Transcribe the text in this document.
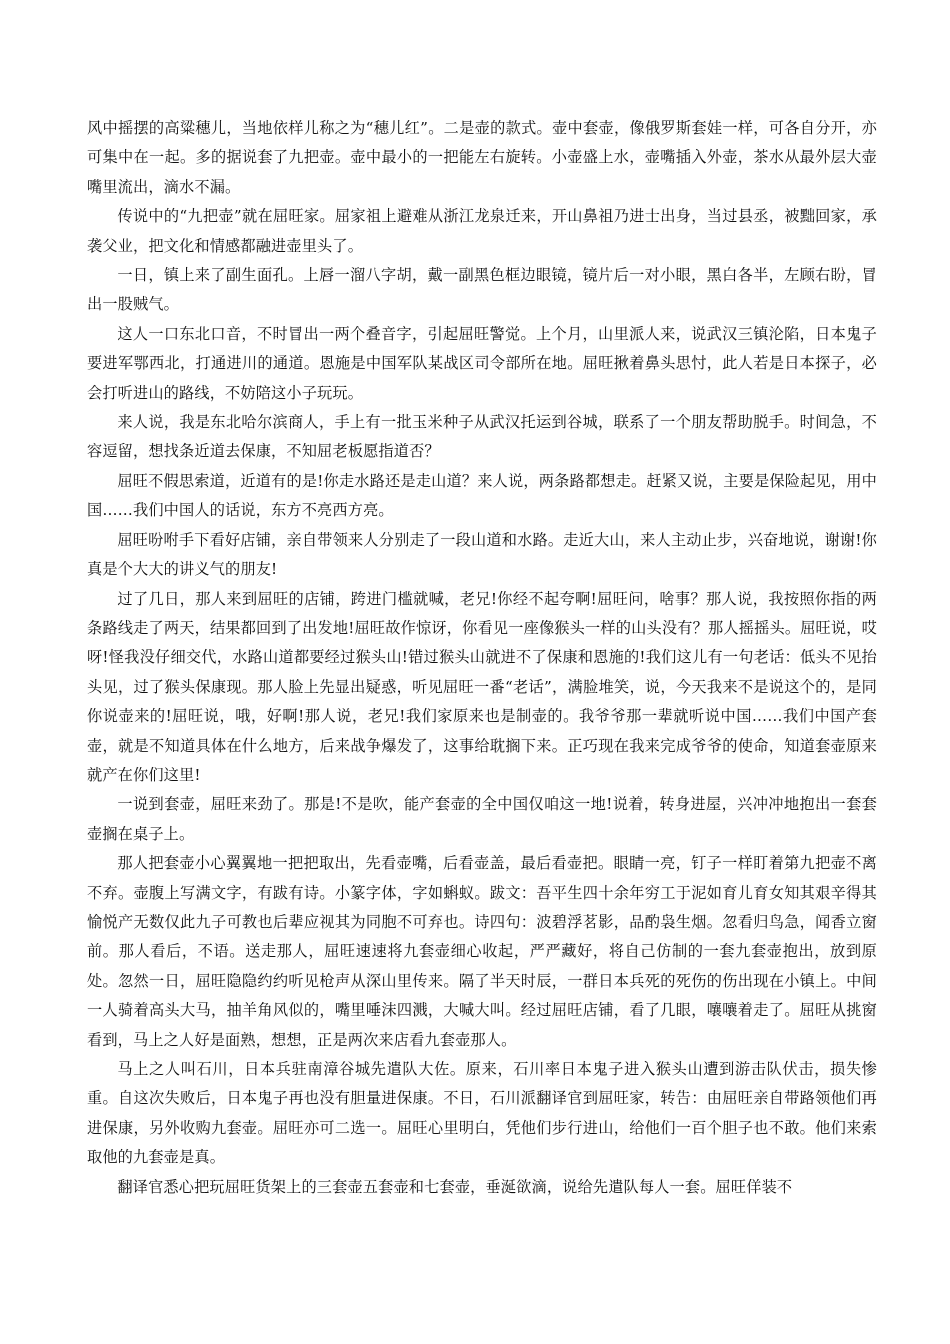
风中摇摆的高粱穗儿，当地依样儿称之为“穗儿红”。二是壶的款式。壶中套壶，像俄罗斯套娃一样，可各自分开，亦可集中在一起。多的据说套了九把壶。壶中最小的一把能左右旋转。小壶盛上水，壶嘴插入外壶，茶水从最外层大壶嘴里流出，滴水不漏。

传说中的“九把壶”就在屈旺家。屈家祖上避难从浙江龙泉迁来，开山鼻祖乃进士出身，当过县丞，被黜回家，承袭父业，把文化和情感都融进壶里头了。

一日，镇上来了副生面孔。上唇一溜八字胡，戴一副黑色框边眼镜，镜片后一对小眼，黑白各半，左顾右盼，冒出一股贼气。

这人一口东北口音，不时冒出一两个叠音字，引起屈旺警觉。上个月，山里派人来，说武汉三镇沦陷，日本鬼子要进军鄂西北，打通进川的通道。恩施是中国军队某战区司令部所在地。屈旺揪着鼻头思忖，此人若是日本探子，必会打听进山的路线，不妨陪这小子玩玩。

来人说，我是东北哈尔滨商人，手上有一批玉米种子从武汉托运到谷城，联系了一个朋友帮助脱手。时间急，不容逗留，想找条近道去保康，不知屈老板愿指道否？

屈旺不假思索道，近道有的是!你走水路还是走山道？来人说，两条路都想走。赶紧又说，主要是保险起见，用中国……我们中国人的话说，东方不亮西方亮。

屈旺吩咐手下看好店铺，亲自带领来人分别走了一段山道和水路。走近大山，来人主动止步，兴奋地说，谢谢!你真是个大大的讲义气的朋友!

过了几日，那人来到屈旺的店铺，跨进门槛就喊，老兄!你经不起夸啊!屈旺问，啥事？那人说，我按照你指的两条路线走了两天，结果都回到了出发地!屈旺故作惊讶，你看见一座像猴头一样的山头没有？那人摇摇头。屈旺说，哎呀!怪我没仔细交代，水路山道都要经过猴头山!错过猴头山就进不了保康和恩施的!我们这儿有一句老话：低头不见抬头见，过了猴头保康现。那人脸上先显出疑惑，听见屈旺一番“老话”，满脸堆笑，说，今天我来不是说这个的，是同你说壶来的!屈旺说，哦，好啊!那人说，老兄!我们家原来也是制壶的。我爷爷那一辈就听说中国……我们中国产套壶，就是不知道具体在什么地方，后来战争爆发了，这事给耽搁下来。正巧现在我来完成爷爷的使命，知道套壶原来就产在你们这里!

一说到套壶，屈旺来劲了。那是!不是吹，能产套壶的全中国仅咱这一地!说着，转身进屋，兴冲冲地抱出一套套壶搁在桌子上。

那人把套壶小心翼翼地一把把取出，先看壶嘴，后看壶盖，最后看壶把。眼睛一亮，钉子一样盯着第九把壶不离不弃。壶腹上写满文字，有跋有诗。小篆字体，字如蝌蚁。跋文：吾平生四十余年穷工于泥如育儿育女知其艰辛得其愉悦产无数仅此九子可教也后辈应视其为同胞不可弃也。诗四句：波碧浮茗影，品酌袅生烟。忽看归鸟急，闻香立窗前。那人看后，不语。送走那人，屈旺速速将九套壶细心收起，严严藏好，将自己仿制的一套九套壶抱出，放到原处。忽然一日，屈旺隐隐约约听见枪声从深山里传来。隔了半天时辰，一群日本兵死的死伤的伤出现在小镇上。中间一人骑着高头大马，抽羊角风似的，嘴里唾沫四溅，大喊大叫。经过屈旺店铺，看了几眼，嚷嚷着走了。屈旺从挑窗看到，马上之人好是面熟，想想，正是两次来店看九套壶那人。

马上之人叫石川，日本兵驻南漳谷城先遣队大佐。原来，石川率日本鬼子进入猴头山遭到游击队伏击，损失惨重。自这次失败后，日本鬼子再也没有胆量进保康。不日，石川派翻译官到屈旺家，转告：由屈旺亲自带路领他们再进保康，另外收购九套壶。屈旺亦可二选一。屈旺心里明白，凭他们步行进山，给他们一百个胆子也不敢。他们来索取他的九套壶是真。

翻译官悉心把玩屈旺货架上的三套壶五套壶和七套壶，垂涎欲滴，说给先遣队每人一套。屈旺佯装不
